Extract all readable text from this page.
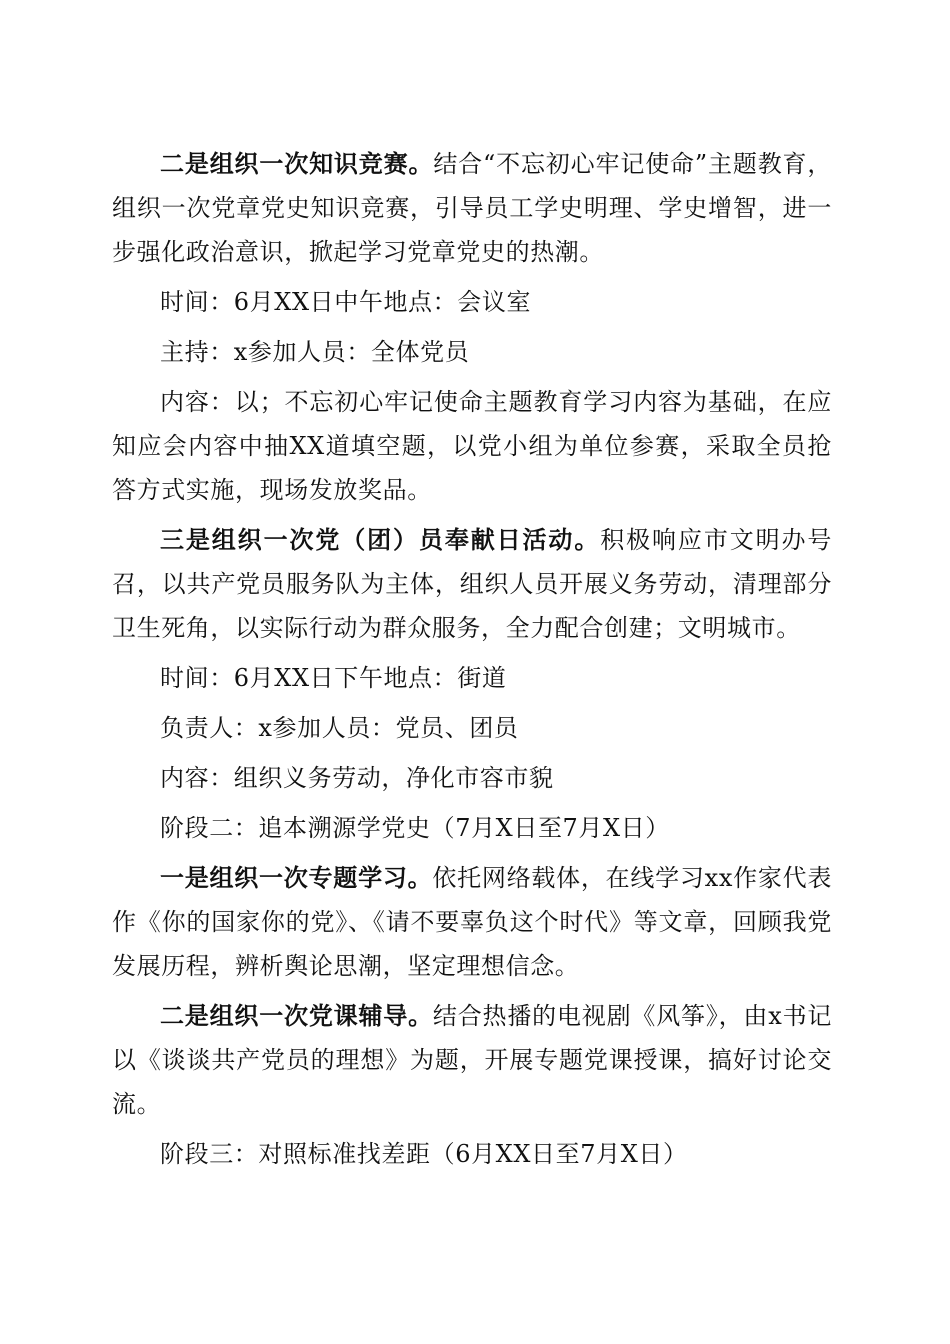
二是组织一次知识竞赛。结合“不忘初心牢记使命”主题教育，组织一次党章党史知识竞赛，引导员工学史明理、学史增智，进一步强化政治意识，掀起学习党章党史的热潮。

时间：6月XX日中午地点：会议室

主持：x参加人员：全体党员

内容：以；不忘初心牢记使命主题教育学习内容为基础，在应知应会内容中抽XX道填空题，以党小组为单位参赛，采取全员抢答方式实施，现场发放奖品。

三是组织一次党（团）员奉献日活动。积极响应市文明办号召，以共产党员服务队为主体，组织人员开展义务劳动，清理部分卫生死角，以实际行动为群众服务，全力配合创建；文明城市。

时间：6月XX日下午地点：街道

负责人：x参加人员：党员、团员

内容：组织义务劳动，净化市容市貌

阶段二：追本溯源学党史（7月X日至7月X日）

一是组织一次专题学习。依托网络载体，在线学习xx作家代表作《你的国家你的党》、《请不要辜负这个时代》等文章，回顾我党发展历程，辨析舆论思潮，坚定理想信念。

二是组织一次党课辅导。结合热播的电视剧《风筝》，由x书记以《谈谈共产党员的理想》为题，开展专题党课授课，搞好讨论交流。

阶段三：对照标准找差距（6月XX日至7月X日）
